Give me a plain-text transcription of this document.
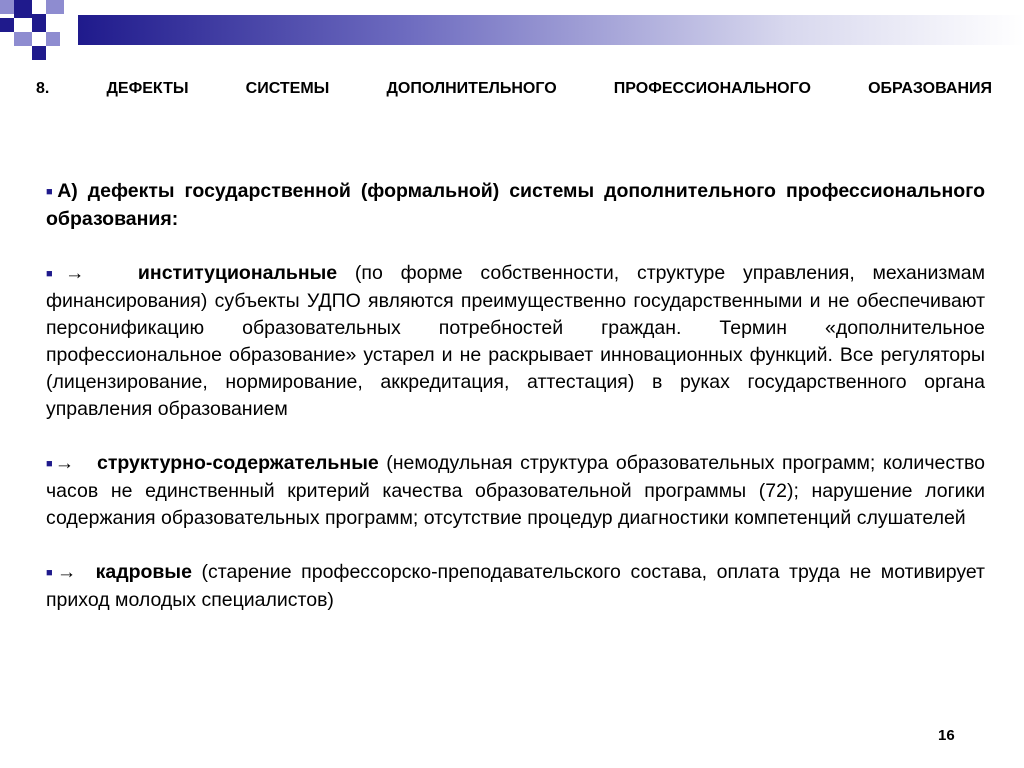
8. ДЕФЕКТЫ СИСТЕМЫ ДОПОЛНИТЕЛЬНОГО ПРОФЕССИОНАЛЬНОГО ОБРАЗОВАНИЯ

■А) дефекты государственной (формальной) системы дополнительного профессионального образования:

■→	институциональные (по форме собственности, структуре управления, механизмам финансирования) субъекты УДПО являются преимущественно государственными и не обеспечивают персонификацию образовательных потребностей граждан. Термин «дополнительное профессиональное образование» устарел и не раскрывает инновационных функций. Все регуляторы (лицензирование, нормирование, аккредитация, аттестация) в руках государственного органа управления образованием

■→ структурно-содержательные (немодульная структура образовательных программ; количество часов не единственный критерий качества образовательной программы (72); нарушение логики содержания образовательных программ; отсутствие процедур диагностики компетенций слушателей

■→ кадровые (старение профессорско-преподавательского состава, оплата труда не мотивирует приход молодых специалистов)

16
